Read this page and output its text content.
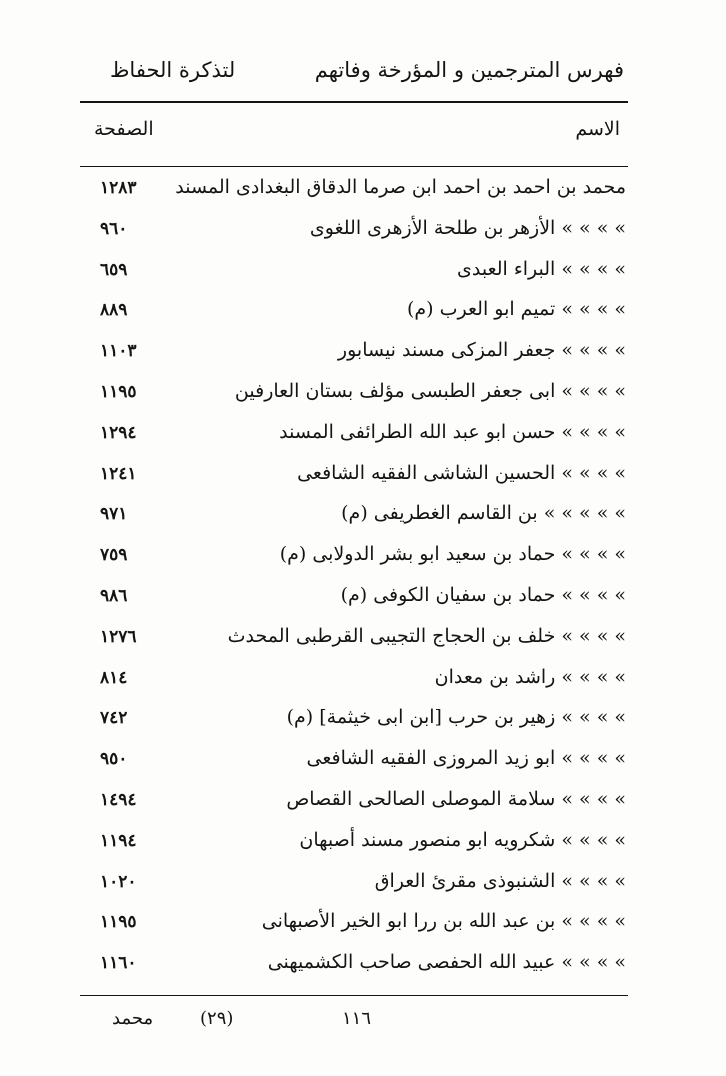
فهرس المترجمين و المؤرخة وفاتهم
لتذكرة الحفاظ
الاسم
الصفحة
محمد بن احمد بن احمد ابن صرما الدقاق البغدادى المسند
١٢٨٣
» » » » الأزهر بن طلحة الأزهرى اللغوى
٩٦٠
» » » » البراء العبدى
٦٥٩
» » » » تميم ابو العرب (م)
٨٨٩
» » » » جعفر المزكى مسند نيسابور
١١٠٣
» » » » ابى جعفر الطبسى مؤلف بستان العارفين
١١٩٥
» » » » حسن ابو عبد الله الطرائفى المسند
١٢٩٤
» » » » الحسين الشاشى الفقيه الشافعى
١٢٤١
» » » » » بن القاسم الغطريفى (م)
٩٧١
» » » » حماد بن سعيد ابو بشر الدولابى (م)
٧٥٩
» » » » حماد بن سفيان الكوفى (م)
٩٨٦
» » » » خلف بن الحجاج التجيبى القرطبى المحدث
١٢٧٦
» » » » راشد بن معدان
٨١٤
» » » » زهير بن حرب [ابن ابى خيثمة] (م)
٧٤٢
» » » » ابو زيد المروزى الفقيه الشافعى
٩٥٠
» » » » سلامة الموصلى الصالحى القصاص
١٤٩٤
» » » » شكرويه ابو منصور مسند أصبهان
١١٩٤
» » » » الشنبوذى مقرئ العراق
١٠٢٠
» » » » بن عبد الله بن ررا ابو الخير الأصبهانى
١١٩٥
» » » » عبيد الله الحفصى صاحب الكشميهنى
١١٦٠
١١٦
(٢٩)
محمد
